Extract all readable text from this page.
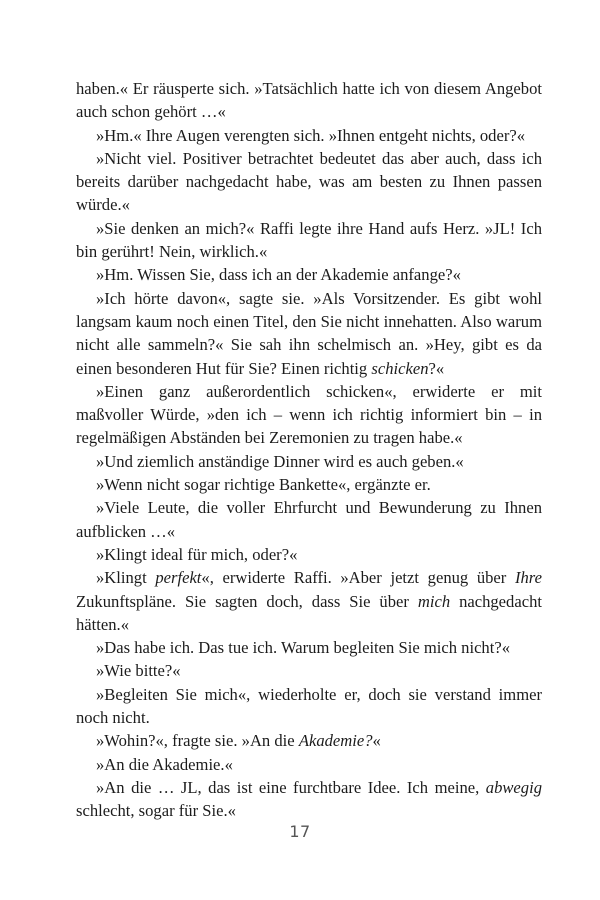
haben.« Er räusperte sich. »Tatsächlich hatte ich von diesem Angebot auch schon gehört …«

»Hm.« Ihre Augen verengten sich. »Ihnen entgeht nichts, oder?«

»Nicht viel. Positiver betrachtet bedeutet das aber auch, dass ich bereits darüber nachgedacht habe, was am besten zu Ihnen passen würde.«

»Sie denken an mich?« Raffi legte ihre Hand aufs Herz. »JL! Ich bin gerührt! Nein, wirklich.«

»Hm. Wissen Sie, dass ich an der Akademie anfange?«

»Ich hörte davon«, sagte sie. »Als Vorsitzender. Es gibt wohl langsam kaum noch einen Titel, den Sie nicht innehatten. Also warum nicht alle sammeln?« Sie sah ihn schelmisch an. »Hey, gibt es da einen besonderen Hut für Sie? Einen richtig schicken?«

»Einen ganz außerordentlich schicken«, erwiderte er mit maßvoller Würde, »den ich – wenn ich richtig informiert bin – in regelmäßigen Abständen bei Zeremonien zu tragen habe.«

»Und ziemlich anständige Dinner wird es auch geben.«

»Wenn nicht sogar richtige Bankette«, ergänzte er.

»Viele Leute, die voller Ehrfurcht und Bewunderung zu Ihnen aufblicken …«

»Klingt ideal für mich, oder?«

»Klingt perfekt«, erwiderte Raffi. »Aber jetzt genug über Ihre Zukunftspläne. Sie sagten doch, dass Sie über mich nachgedacht hätten.«

»Das habe ich. Das tue ich. Warum begleiten Sie mich nicht?«

»Wie bitte?«

»Begleiten Sie mich«, wiederholte er, doch sie verstand immer noch nicht.

»Wohin?«, fragte sie. »An die Akademie?«

»An die Akademie.«

»An die … JL, das ist eine furchtbare Idee. Ich meine, abwegig schlecht, sogar für Sie.«

17
